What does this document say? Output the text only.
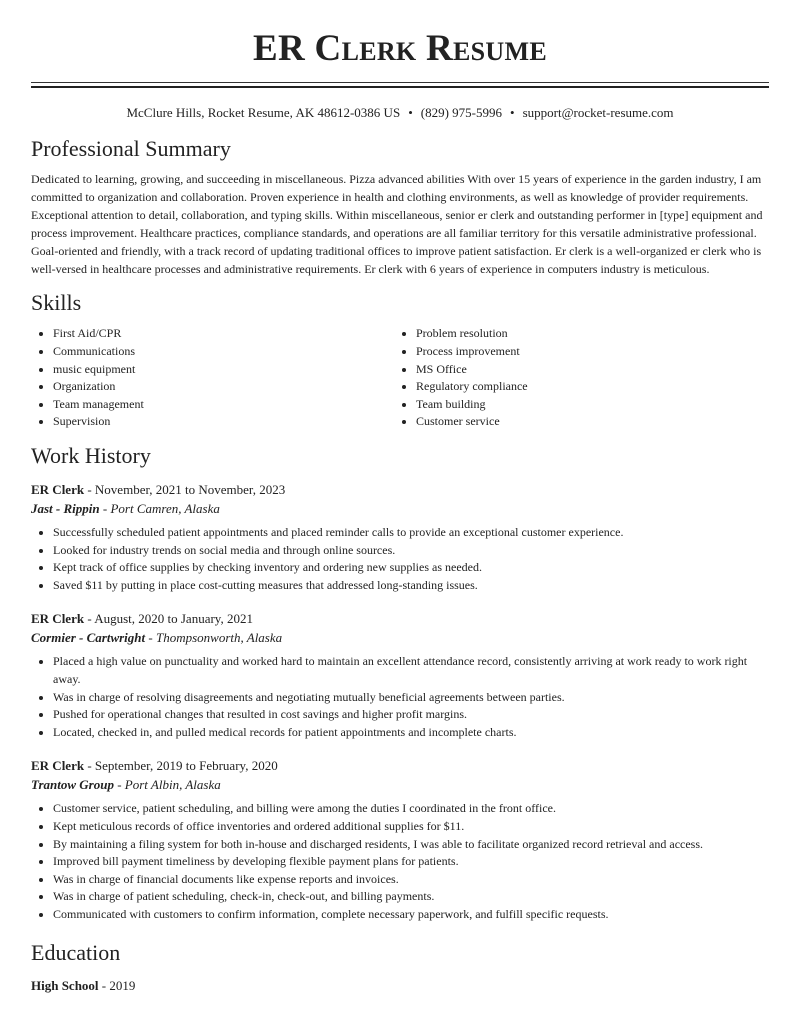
ER Clerk Resume
McClure Hills, Rocket Resume, AK 48612-0386 US • (829) 975-5996 • support@rocket-resume.com
Professional Summary

Dedicated to learning, growing, and succeeding in miscellaneous. Pizza advanced abilities With over 15 years of experience in the garden industry, I am committed to organization and collaboration. Proven experience in health and clothing environments, as well as knowledge of provider requirements. Exceptional attention to detail, collaboration, and typing skills. Within miscellaneous, senior er clerk and outstanding performer in [type] equipment and process improvement. Healthcare practices, compliance standards, and operations are all familiar territory for this versatile administrative professional. Goal-oriented and friendly, with a track record of updating traditional offices to improve patient satisfaction. Er clerk is a well-organized er clerk who is well-versed in healthcare processes and administrative requirements. Er clerk with 6 years of experience in computers industry is meticulous.

Skills
• First Aid/CPR
• Communications
• music equipment
• Organization
• Team management
• Supervision
• Problem resolution
• Process improvement
• MS Office
• Regulatory compliance
• Team building
• Customer service
Work History
ER Clerk - November, 2021 to November, 2023
Jast - Rippin - Port Camren, Alaska
• Successfully scheduled patient appointments and placed reminder calls to provide an exceptional customer experience.
• Looked for industry trends on social media and through online sources.
• Kept track of office supplies by checking inventory and ordering new supplies as needed.
• Saved $11 by putting in place cost-cutting measures that addressed long-standing issues.
ER Clerk - August, 2020 to January, 2021
Cormier - Cartwright - Thompsonworth, Alaska
• Placed a high value on punctuality and worked hard to maintain an excellent attendance record, consistently arriving at work ready to work right away.
• Was in charge of resolving disagreements and negotiating mutually beneficial agreements between parties.
• Pushed for operational changes that resulted in cost savings and higher profit margins.
• Located, checked in, and pulled medical records for patient appointments and incomplete charts.
ER Clerk - September, 2019 to February, 2020
Trantow Group - Port Albin, Alaska
• Customer service, patient scheduling, and billing were among the duties I coordinated in the front office.
• Kept meticulous records of office inventories and ordered additional supplies for $11.
• By maintaining a filing system for both in-house and discharged residents, I was able to facilitate organized record retrieval and access.
• Improved bill payment timeliness by developing flexible payment plans for patients.
• Was in charge of financial documents like expense reports and invoices.
• Was in charge of patient scheduling, check-in, check-out, and billing payments.
• Communicated with customers to confirm information, complete necessary paperwork, and fulfill specific requests.
Education
High School - 2019
